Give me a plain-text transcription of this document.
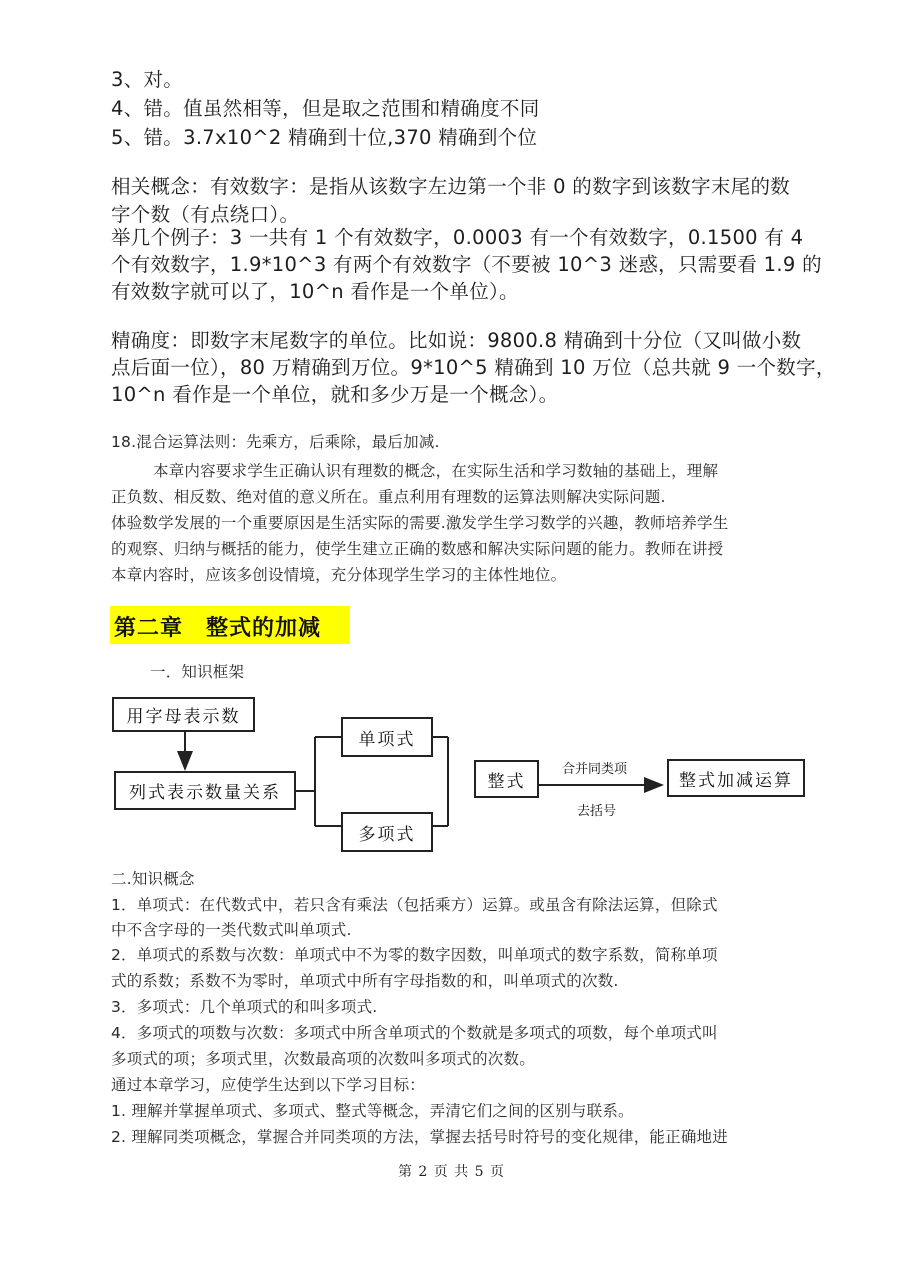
3、对。
4、错。值虽然相等，但是取之范围和精确度不同
5、错。3.7x10^2 精确到十位,370 精确到个位
相关概念：有效数字：是指从该数字左边第一个非 0 的数字到该数字末尾的数
字个数（有点绕口）。
举几个例子：3 一共有 1 个有效数字，0.0003 有一个有效数字，0.1500 有 4
个有效数字，1.9*10^3 有两个有效数字（不要被 10^3 迷惑，只需要看 1.9 的
有效数字就可以了，10^n 看作是一个单位）。
精确度：即数字末尾数字的单位。比如说：9800.8 精确到十分位（又叫做小数
点后面一位），80 万精确到万位。9*10^5 精确到 10 万位（总共就 9 一个数字，
10^n 看作是一个单位，就和多少万是一个概念）。
18.混合运算法则：先乘方，后乘除，最后加减.
本章内容要求学生正确认识有理数的概念，在实际生活和学习数轴的基础上，理解
正负数、相反数、绝对值的意义所在。重点利用有理数的运算法则解决实际问题.
体验数学发展的一个重要原因是生活实际的需要.激发学生学习数学的兴趣，教师培养学生
的观察、归纳与概括的能力，使学生建立正确的数感和解决实际问题的能力。教师在讲授
本章内容时，应该多创设情境，充分体现学生学习的主体性地位。
第二章　整式的加减
一．知识框架
用字母表示数
列式表示数量关系
单项式
多项式
整式	整式加减运算
合并同类项
去括号
二.知识概念
1．单项式：在代数式中，若只含有乘法（包括乘方）运算。或虽含有除法运算，但除式
中不含字母的一类代数式叫单项式.
2．单项式的系数与次数：单项式中不为零的数字因数，叫单项式的数字系数，简称单项
式的系数；系数不为零时，单项式中所有字母指数的和，叫单项式的次数.
3．多项式：几个单项式的和叫多项式.
4．多项式的项数与次数：多项式中所含单项式的个数就是多项式的项数，每个单项式叫
多项式的项；多项式里，次数最高项的次数叫多项式的次数。
通过本章学习，应使学生达到以下学习目标：
1. 理解并掌握单项式、多项式、整式等概念，弄清它们之间的区别与联系。
2. 理解同类项概念，掌握合并同类项的方法，掌握去括号时符号的变化规律，能正确地进
第 2 页 共 5 页
